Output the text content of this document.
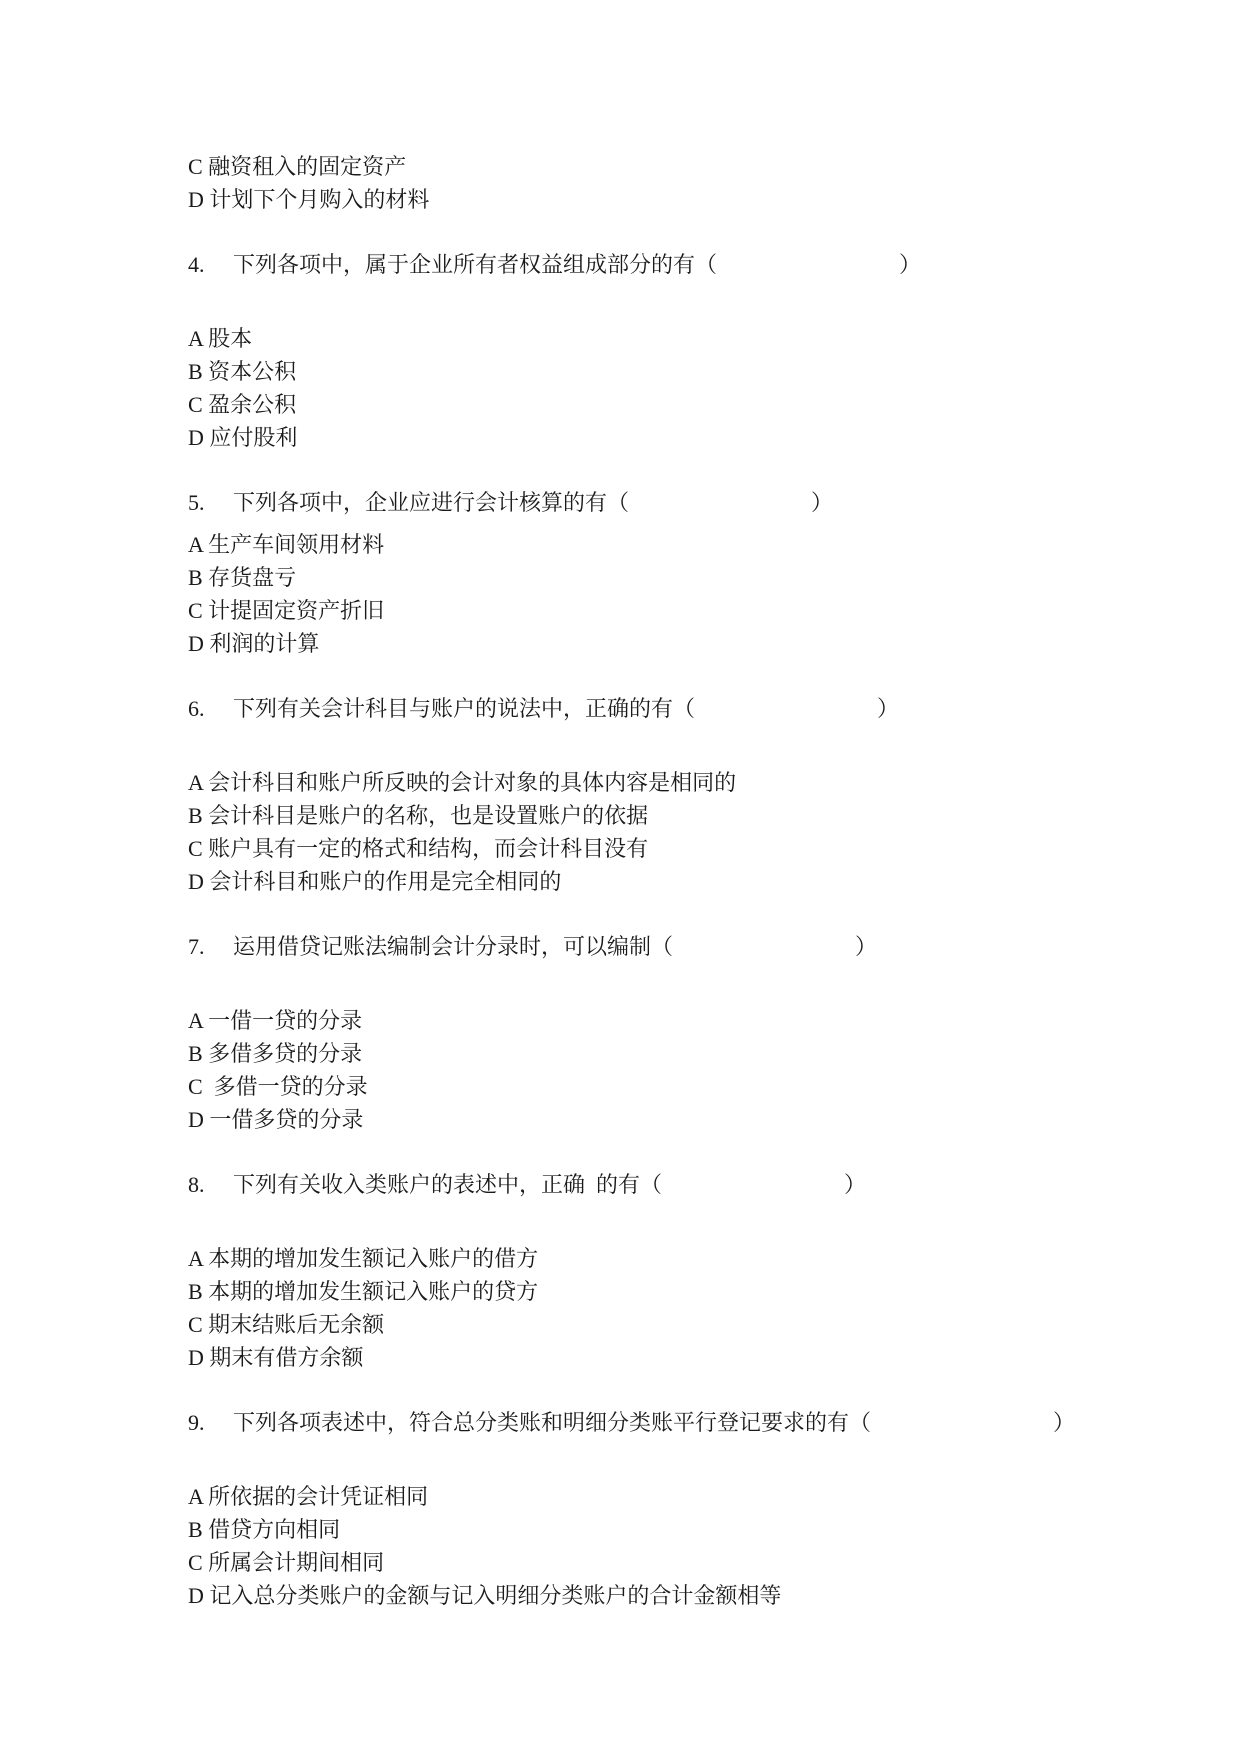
C 融资租入的固定资产
D 计划下个月购入的材料
4.	下列各项中，属于企业所有者权益组成部分的有（	）
A 股本
B 资本公积
C 盈余公积
D 应付股利
5.	下列各项中，企业应进行会计核算的有（	）
A 生产车间领用材料
B 存货盘亏
C 计提固定资产折旧
D 利润的计算
6.	下列有关会计科目与账户的说法中，正确的有（	）
A 会计科目和账户所反映的会计对象的具体内容是相同的
B 会计科目是账户的名称，也是设置账户的依据
C 账户具有一定的格式和结构，而会计科目没有
D 会计科目和账户的作用是完全相同的
7.	运用借贷记账法编制会计分录时，可以编制（	）
A 一借一贷的分录
B 多借多贷的分录
C  多借一贷的分录
D 一借多贷的分录
8.	下列有关收入类账户的表述中，正确  的有（	）
A 本期的增加发生额记入账户的借方
B 本期的增加发生额记入账户的贷方
C 期末结账后无余额
D 期末有借方余额
9.	下列各项表述中，符合总分类账和明细分类账平行登记要求的有（	）
A 所依据的会计凭证相同
B 借贷方向相同
C 所属会计期间相同
D 记入总分类账户的金额与记入明细分类账户的合计金额相等
